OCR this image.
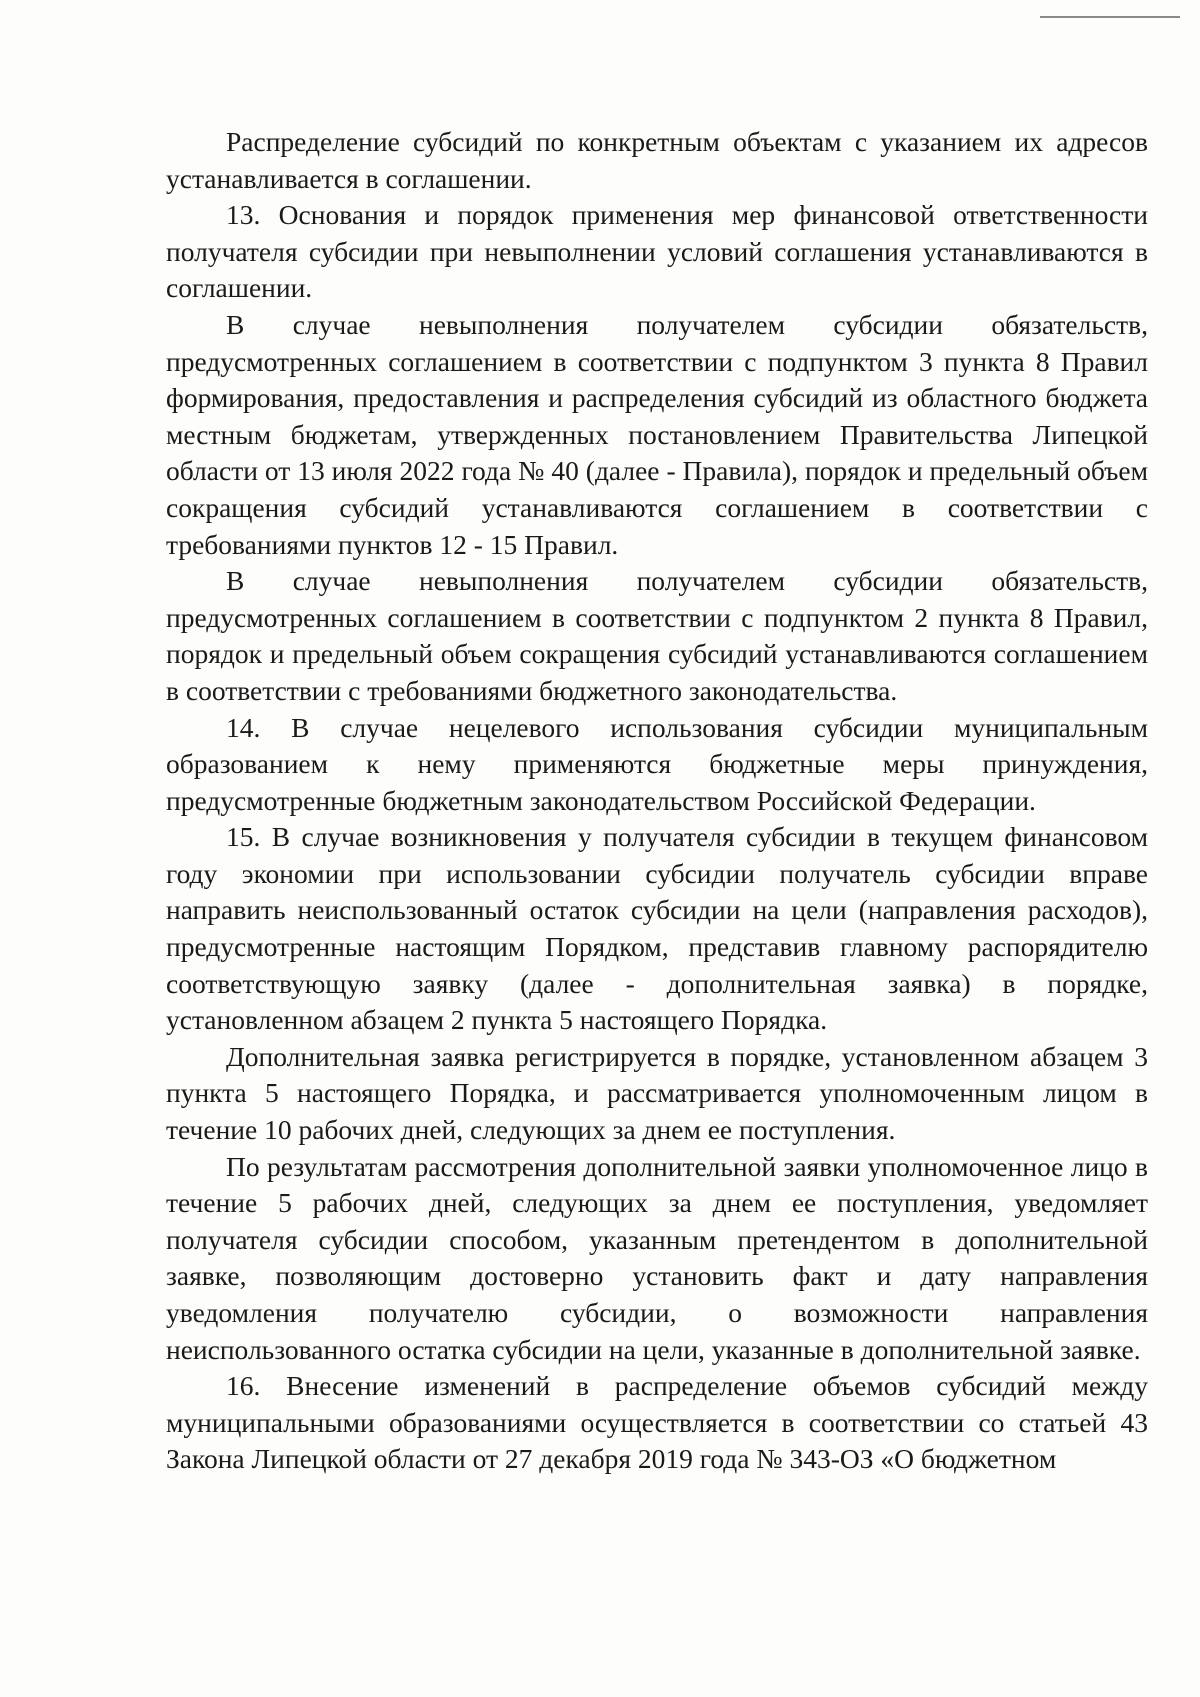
Распределение субсидий по конкретным объектам с указанием их адресов устанавливается в соглашении.

13. Основания и порядок применения мер финансовой ответственности получателя субсидии при невыполнении условий соглашения устанавливаются в соглашении.

В случае невыполнения получателем субсидии обязательств, предусмотренных соглашением в соответствии с подпунктом 3 пункта 8 Правил формирования, предоставления и распределения субсидий из областного бюджета местным бюджетам, утвержденных постановлением Правительства Липецкой области от 13 июля 2022 года № 40 (далее - Правила), порядок и предельный объем сокращения субсидий устанавливаются соглашением в соответствии с требованиями пунктов 12 - 15 Правил.

В случае невыполнения получателем субсидии обязательств, предусмотренных соглашением в соответствии с подпунктом 2 пункта 8 Правил, порядок и предельный объем сокращения субсидий устанавливаются соглашением в соответствии с требованиями бюджетного законодательства.

14. В случае нецелевого использования субсидии муниципальным образованием к нему применяются бюджетные меры принуждения, предусмотренные бюджетным законодательством Российской Федерации.

15. В случае возникновения у получателя субсидии в текущем финансовом году экономии при использовании субсидии получатель субсидии вправе направить неиспользованный остаток субсидии на цели (направления расходов), предусмотренные настоящим Порядком, представив главному распорядителю соответствующую заявку (далее - дополнительная заявка) в порядке, установленном абзацем 2 пункта 5 настоящего Порядка.

Дополнительная заявка регистрируется в порядке, установленном абзацем 3 пункта 5 настоящего Порядка, и рассматривается уполномоченным лицом в течение 10 рабочих дней, следующих за днем ее поступления.

По результатам рассмотрения дополнительной заявки уполномоченное лицо в течение 5 рабочих дней, следующих за днем ее поступления, уведомляет получателя субсидии способом, указанным претендентом в дополнительной заявке, позволяющим достоверно установить факт и дату направления уведомления получателю субсидии, о возможности направления неиспользованного остатка субсидии на цели, указанные в дополнительной заявке.

16. Внесение изменений в распределение объемов субсидий между муниципальными образованиями осуществляется в соответствии со статьей 43 Закона Липецкой области от 27 декабря 2019 года № 343-ОЗ «О бюджетном
